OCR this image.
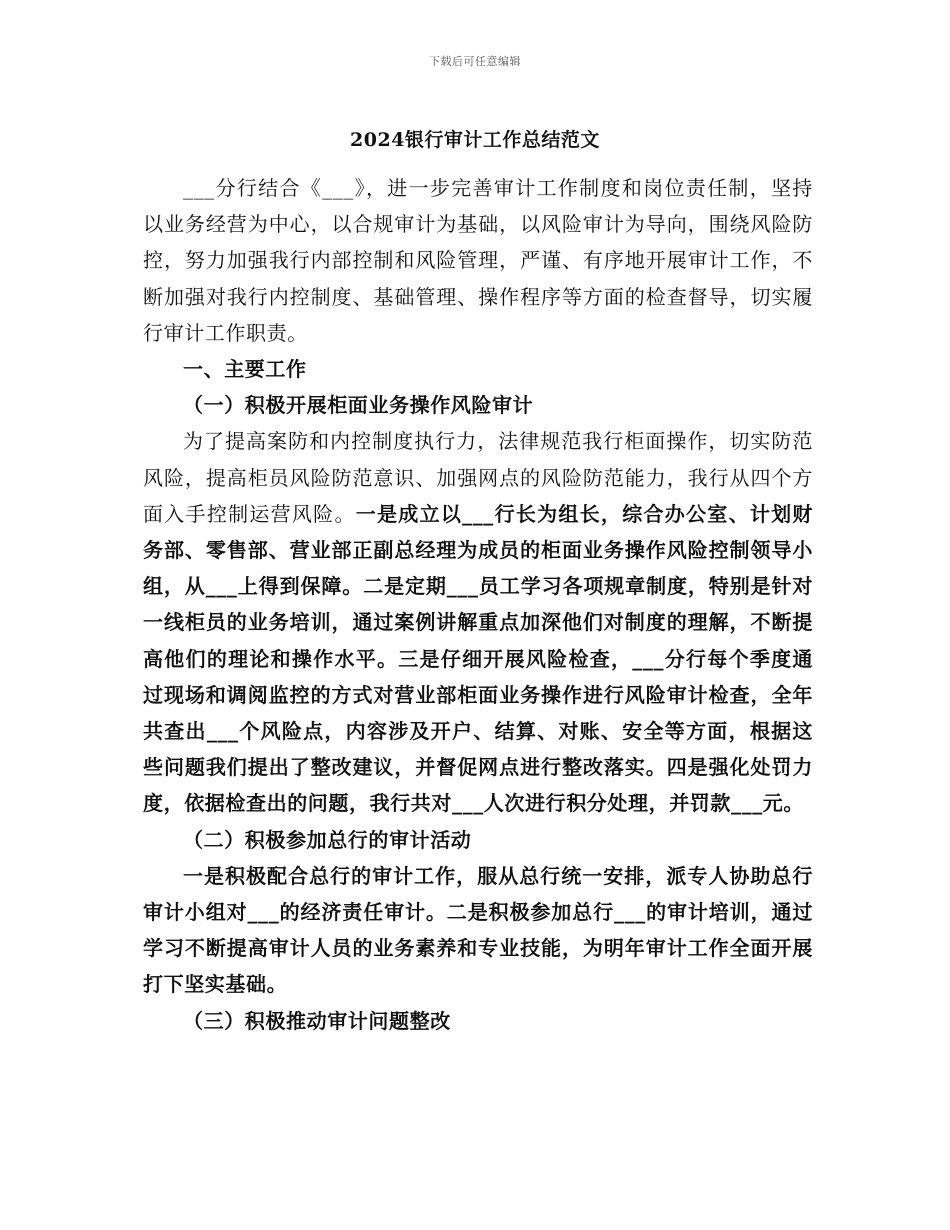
下载后可任意编辑
2024银行审计工作总结范文

___分行结合《___》，进一步完善审计工作制度和岗位责任制，坚持以业务经营为中心，以合规审计为基础，以风险审计为导向，围绕风险防控，努力加强我行内部控制和风险管理，严谨、有序地开展审计工作，不断加强对我行内控制度、基础管理、操作程序等方面的检查督导，切实履行审计工作职责。

一、主要工作

（一）积极开展柜面业务操作风险审计

为了提高案防和内控制度执行力，法律规范我行柜面操作，切实防范风险，提高柜员风险防范意识、加强网点的风险防范能力，我行从四个方面入手控制运营风险。一是成立以___行长为组长，综合办公室、计划财务部、零售部、营业部正副总经理为成员的柜面业务操作风险控制领导小组，从___上得到保障。二是定期___员工学习各项规章制度，特别是针对一线柜员的业务培训，通过案例讲解重点加深他们对制度的理解，不断提高他们的理论和操作水平。三是仔细开展风险检查，___分行每个季度通过现场和调阅监控的方式对营业部柜面业务操作进行风险审计检查，全年共查出___个风险点，内容涉及开户、结算、对账、安全等方面，根据这些问题我们提出了整改建议，并督促网点进行整改落实。四是强化处罚力度，依据检查出的问题，我行共对___人次进行积分处理，并罚款___元。

（二）积极参加总行的审计活动

一是积极配合总行的审计工作，服从总行统一安排，派专人协助总行审计小组对___的经济责任审计。二是积极参加总行___的审计培训，通过学习不断提高审计人员的业务素养和专业技能，为明年审计工作全面开展打下坚实基础。

（三）积极推动审计问题整改
